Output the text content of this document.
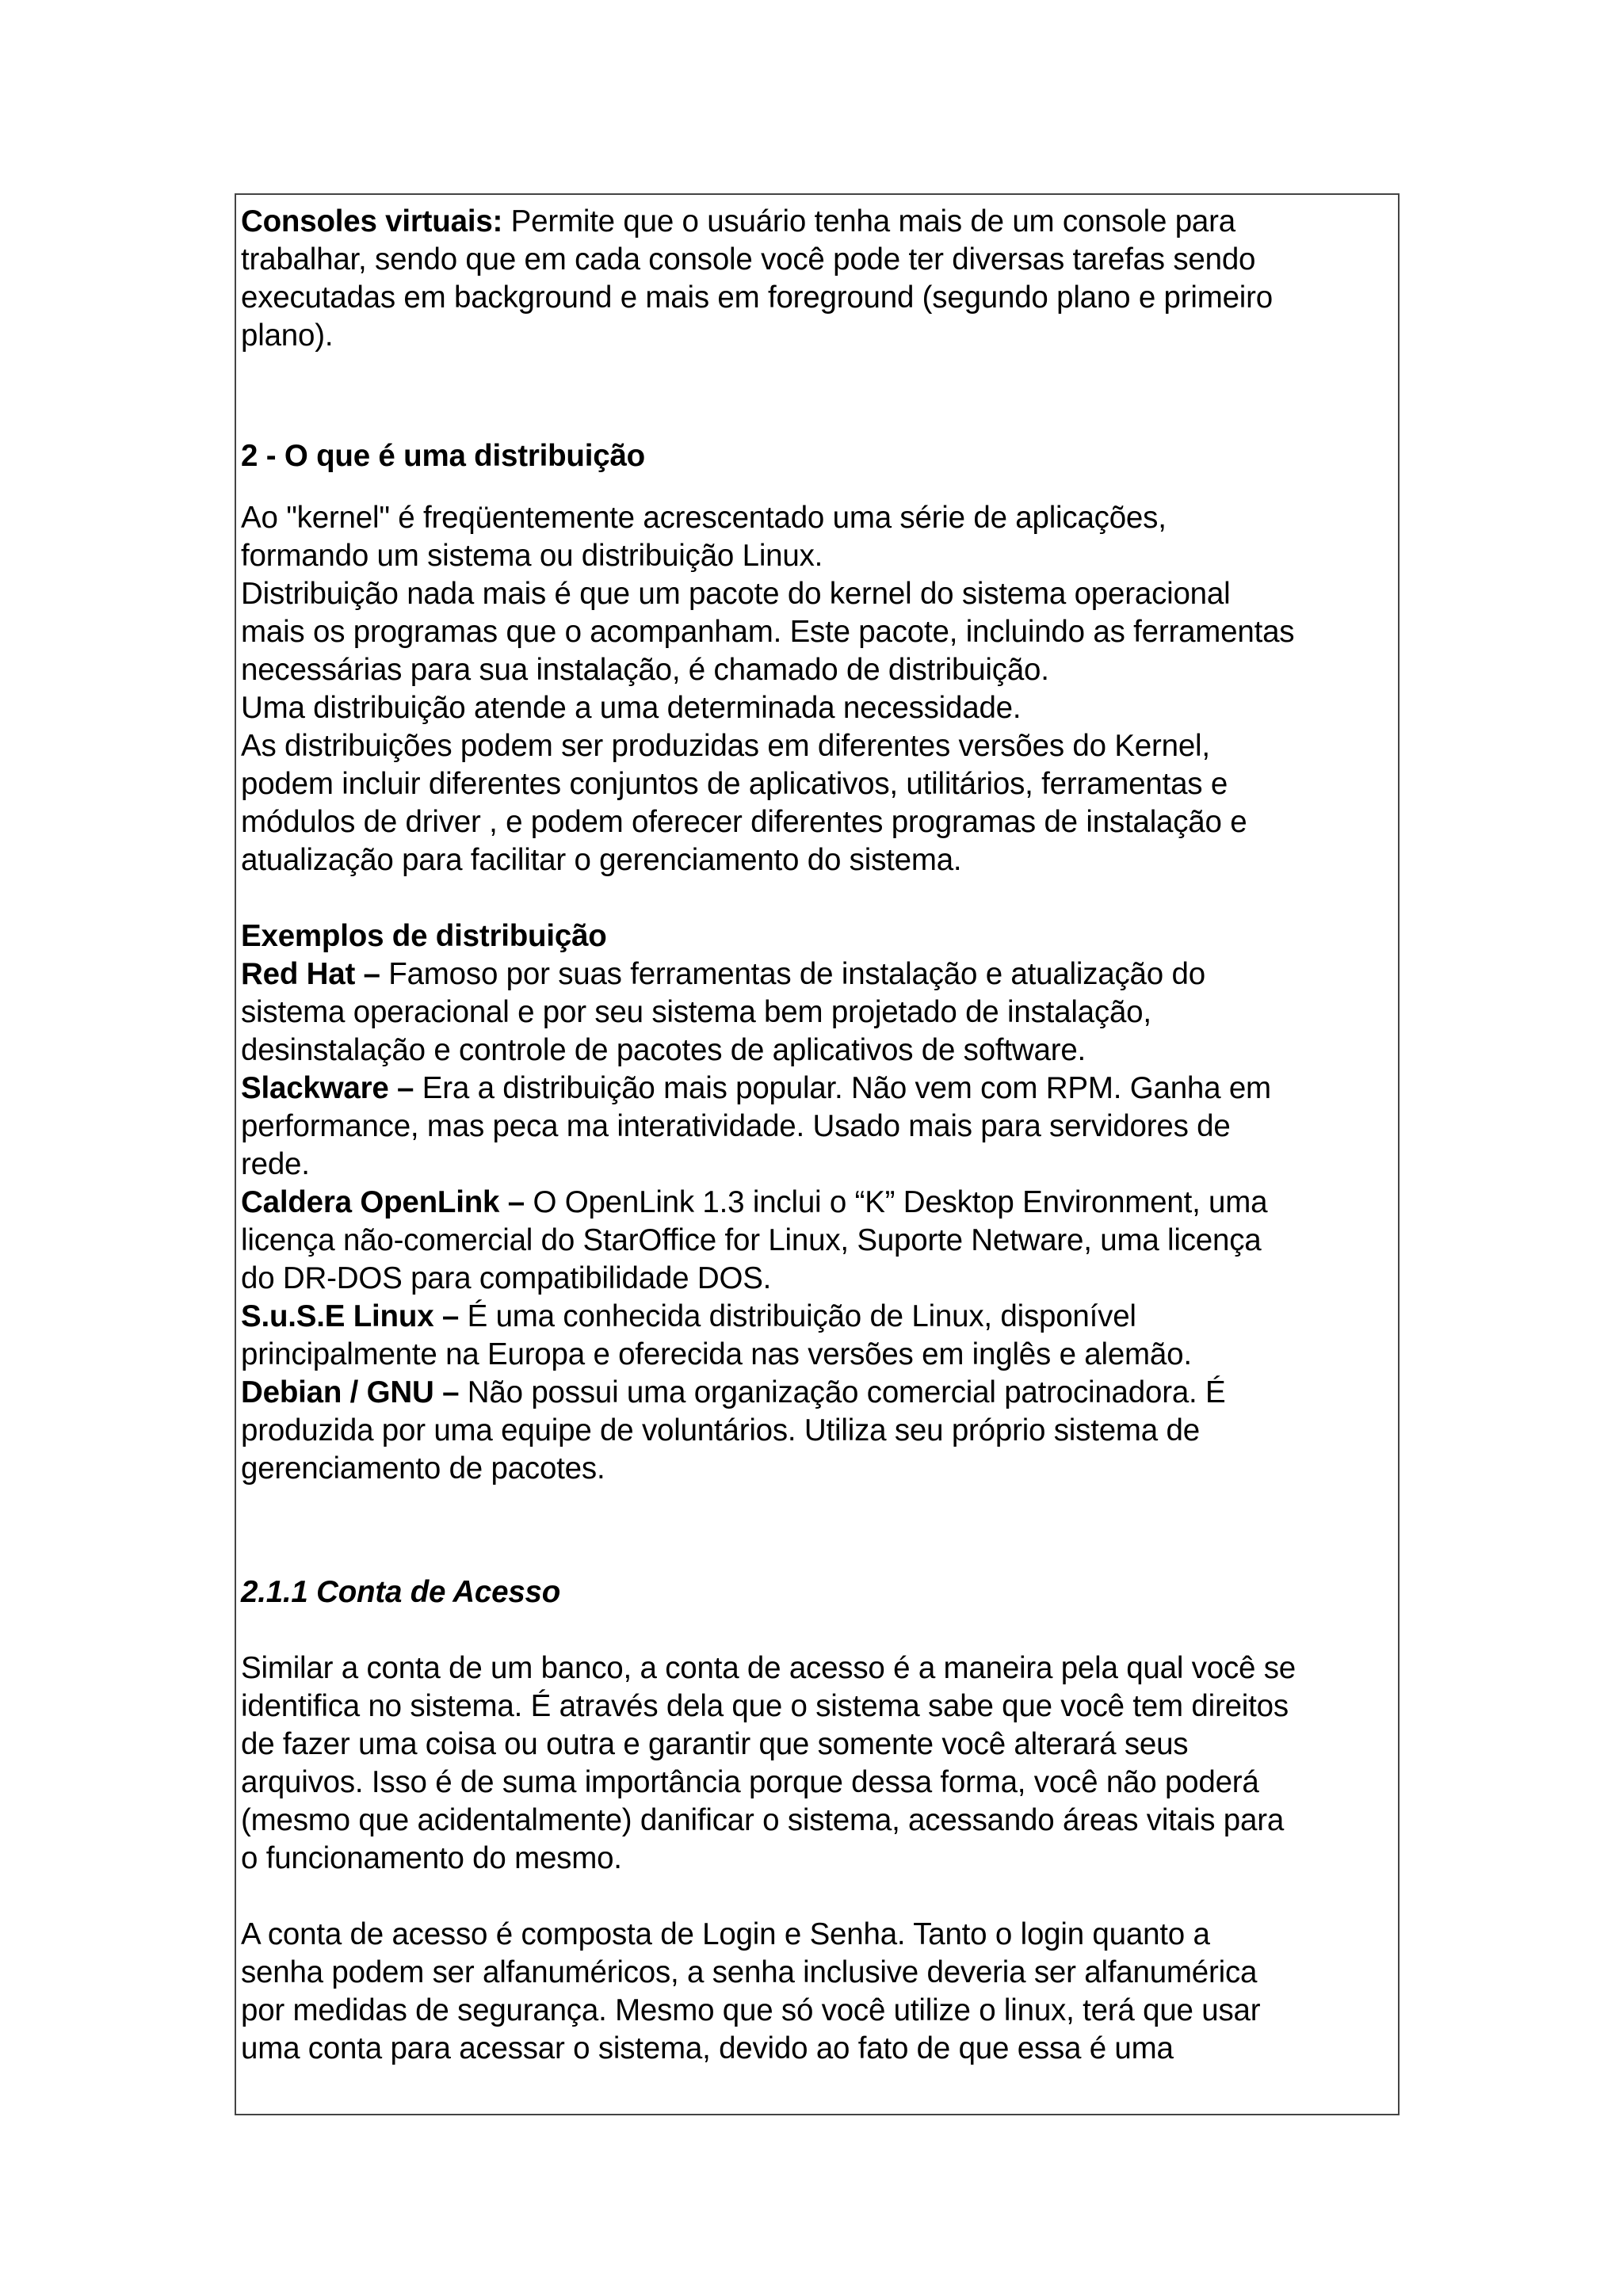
Consoles virtuais: Permite que o usuário tenha mais de um console para
trabalhar, sendo que em cada console você pode ter diversas tarefas sendo
executadas em background e mais em foreground (segundo plano e primeiro
plano).
2 - O que é uma distribuição
Ao "kernel" é freqüentemente acrescentado uma série de aplicações,
formando um sistema ou distribuição Linux.
Distribuição nada mais é que um pacote do kernel do sistema operacional
mais os programas que o acompanham. Este pacote, incluindo as ferramentas
necessárias para sua instalação, é chamado de distribuição.
Uma distribuição atende a uma determinada necessidade.
As distribuições podem ser produzidas em diferentes versões do Kernel,
podem incluir diferentes conjuntos de aplicativos, utilitários, ferramentas e
módulos de driver , e podem oferecer diferentes programas de instalação e
atualização para facilitar o gerenciamento do sistema.
Exemplos de distribuição
Red Hat – Famoso por suas ferramentas de instalação e atualização do
sistema operacional e por seu sistema bem projetado de instalação,
desinstalação e controle de pacotes de aplicativos de software.
Slackware – Era a distribuição mais popular. Não vem com RPM. Ganha em
performance, mas peca ma interatividade. Usado mais para servidores de
rede.
Caldera OpenLink – O OpenLink 1.3 inclui o “K” Desktop Environment, uma
licença não-comercial do StarOffice for Linux, Suporte Netware, uma licença
do DR-DOS para compatibilidade DOS.
S.u.S.E Linux – É uma conhecida distribuição de Linux, disponível
principalmente na Europa e oferecida nas versões em inglês e alemão.
Debian / GNU – Não possui uma organização comercial patrocinadora. É
produzida por uma equipe de voluntários. Utiliza seu próprio sistema de
gerenciamento de pacotes.
2.1.1 Conta de Acesso
Similar a conta de um banco, a conta de acesso é a maneira pela qual você se
identifica no sistema. É através dela que o sistema sabe que você tem direitos
de fazer uma coisa ou outra e garantir que somente você alterará seus
arquivos. Isso é de suma importância porque dessa forma, você não poderá
(mesmo que acidentalmente) danificar o sistema, acessando áreas vitais para
o funcionamento do mesmo.
A conta de acesso é composta de Login e Senha. Tanto o login quanto a
senha podem ser alfanuméricos, a senha inclusive deveria ser alfanumérica
por medidas de segurança. Mesmo que só você utilize o linux, terá que usar
uma conta para acessar o sistema, devido ao fato de que essa é uma
